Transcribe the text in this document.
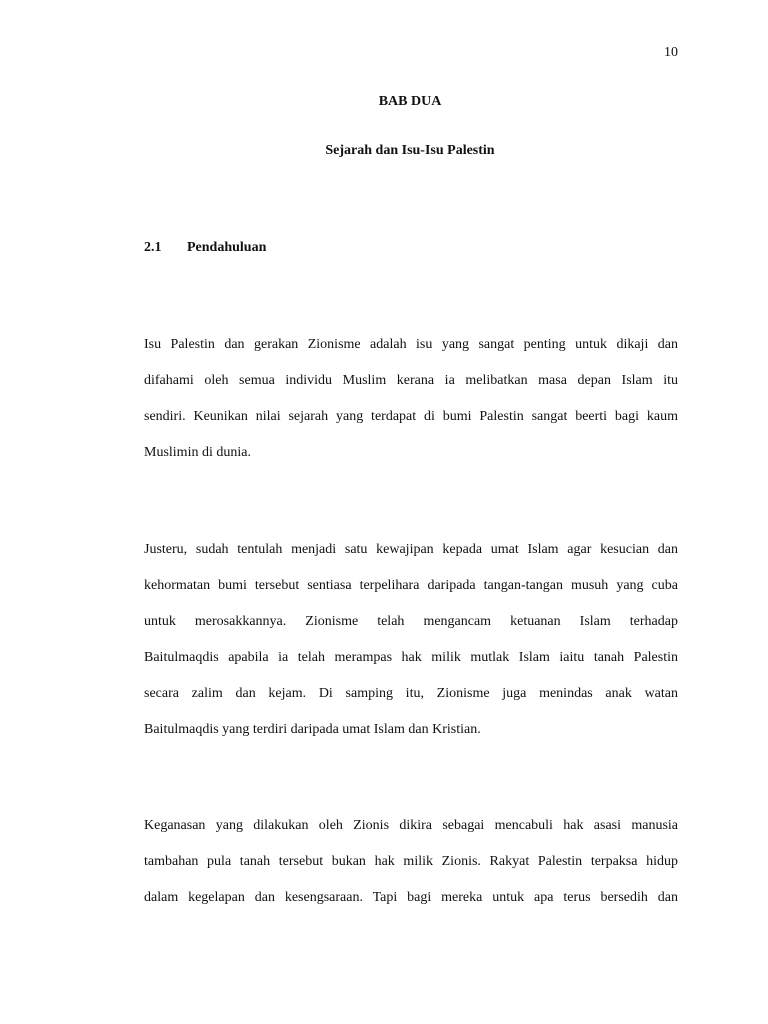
10
BAB DUA
Sejarah dan Isu-Isu Palestin
2.1 Pendahuluan
Isu Palestin dan gerakan Zionisme adalah isu yang sangat penting untuk dikaji dan
difahami oleh semua individu Muslim kerana ia melibatkan masa depan Islam itu
sendiri. Keunikan nilai sejarah yang terdapat di bumi Palestin sangat beerti bagi kaum
Muslimin di dunia.
Justeru, sudah tentulah menjadi satu kewajipan kepada umat Islam agar kesucian dan
kehormatan bumi tersebut sentiasa terpelihara daripada tangan-tangan musuh yang cuba
untuk merosakkannya. Zionisme telah mengancam ketuanan Islam terhadap
Baitulmaqdis apabila ia telah merampas hak milik mutlak Islam iaitu tanah Palestin
secara zalim dan kejam. Di samping itu, Zionisme juga menindas anak watan
Baitulmaqdis yang terdiri daripada umat Islam dan Kristian.
Keganasan yang dilakukan oleh Zionis dikira sebagai mencabuli hak asasi manusia
tambahan pula tanah tersebut bukan hak milik Zionis. Rakyat Palestin terpaksa hidup
dalam kegelapan dan kesengsaraan. Tapi bagi mereka untuk apa terus bersedih dan
